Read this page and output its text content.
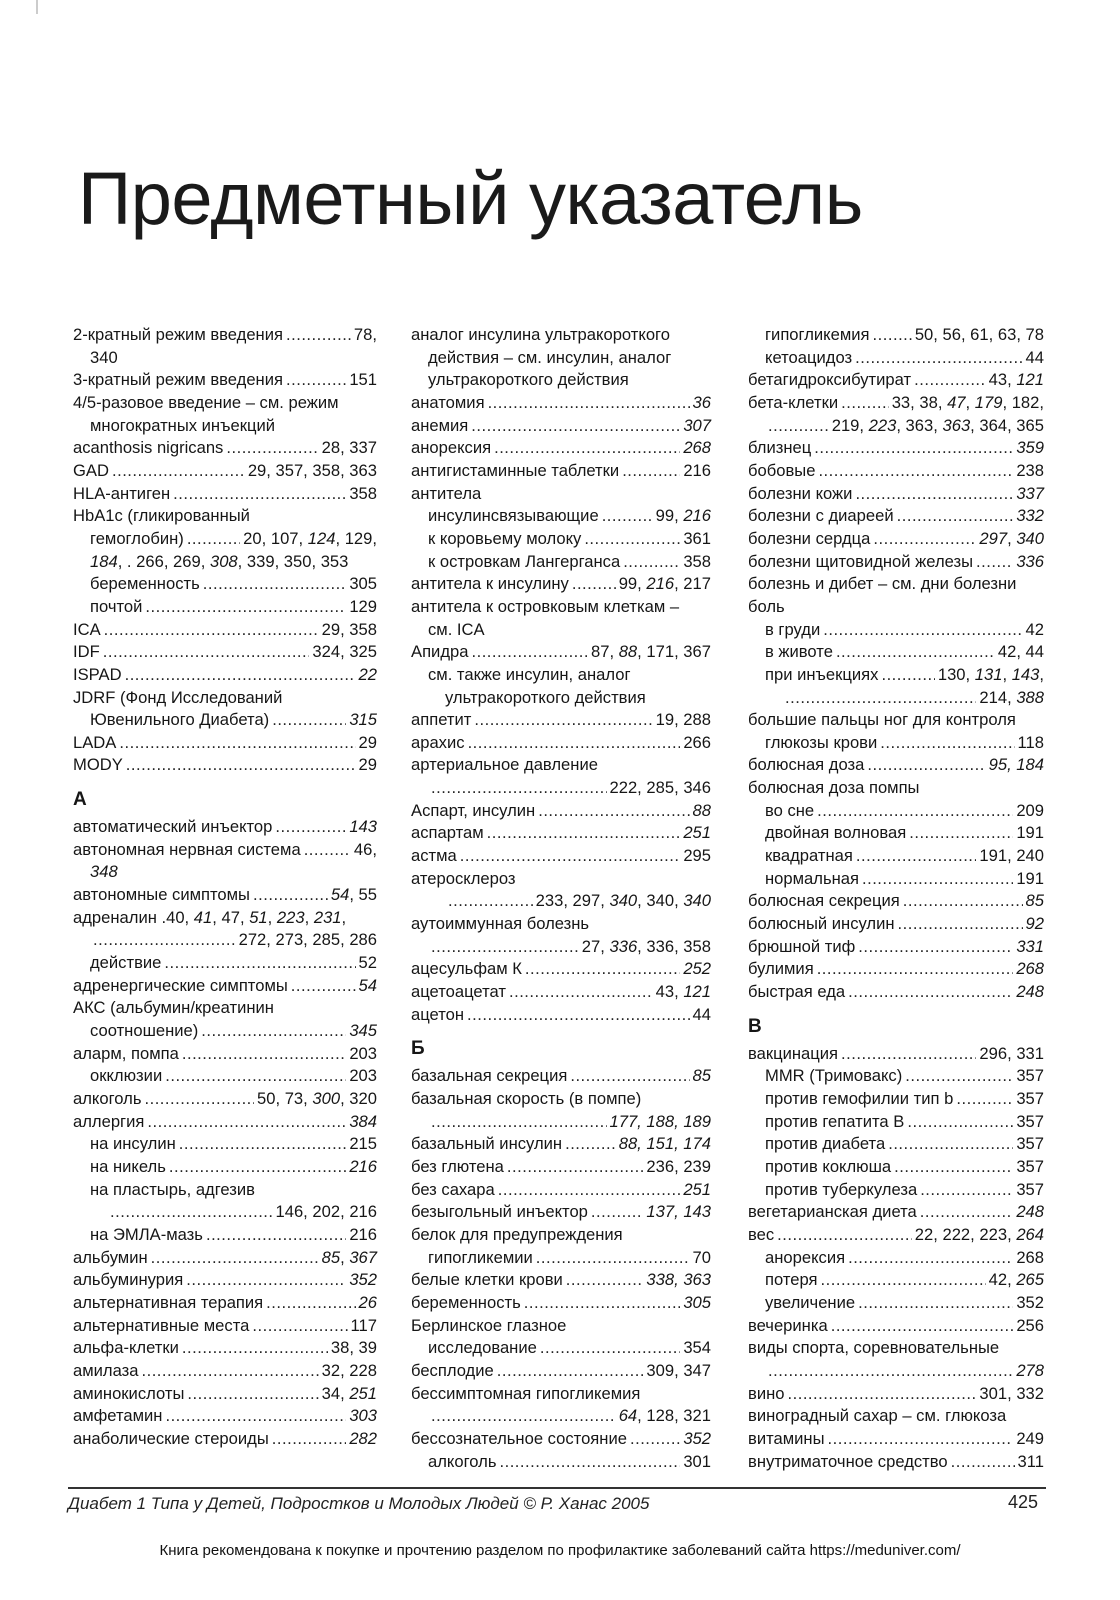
Предметный указатель
2-кратный режим введения .....	78,
340
3-кратный режим введения .....	151
4/5-разовое введение – см. режим
многократных инъекций
acanthosis nigricans .....	28, 337
GAD .....	29, 357, 358, 363
HLA-антиген .....	358
HbA1c (гликированный
гемоглобин) .....	20, 107, 124, 129,
184, . 266, 269, 308, 339, 350, 353
беременность .....	305
почтой .....	129
ICA .....	29, 358
IDF .....	324, 325
ISPAD .....	22
JDRF (Фонд Исследований
Ювенильного Диабета) .....	315
LADA .....	29
MODY .....	29
А
автоматический инъектор .....	143
автономная нервная система .....	46,
348
автономные симптомы .....	54, 55
адреналин .40, 41, 47, 51, 223, 231,
.....
272, 273, 285, 286
действие .....	52
адренергические симптомы .....	54
АКС (альбумин/креатинин
соотношение) .....	345
аларм, помпа .....	203
окклюзии .....	203
алкоголь .....	50, 73, 300, 320
аллергия .....	384
на инсулин .....	215
на никель .....	216
на пластырь, адгезив
.....
146, 202, 216
на ЭМЛА-мазь .....	216
альбумин .....	85, 367
альбуминурия .....	352
альтернативная терапия .....	26
альтернативные места .....	117
альфа-клетки .....	38, 39
амилаза .....	32, 228
аминокислоты .....	34, 251
амфетамин .....	303
анаболические стероиды .....	282
аналог инсулина ультракороткого
действия – см. инсулин, аналог
ультракороткого действия
анатомия .....	36
анемия .....	307
анорексия .....	268
антигистаминные таблетки .....	216
антитела
инсулинсвязывающие .....	99, 216
к коровьему молоку .....	361
к островкам Лангерганса .....	358
антитела к инсулину .....	99, 216, 217
антитела к островковым клеткам –
см. ICA
Апидра .....	87, 88, 171, 367
см. также инсулин, аналог
ультракороткого действия
аппетит .....	19, 288
арахис .....	266
артериальное давление
.....
222, 285, 346
Аспарт, инсулин .....	88
аспартам .....	251
астма .....	295
атеросклероз
.....
233, 297, 340, 340, 340
аутоиммунная болезнь
.....
27, 336, 336, 358
ацесульфам К .....	252
ацетоацетат .....	43, 121
ацетон .....	44
Б
базальная секреция .....	85
базальная скорость (в помпе)
.....
177, 188, 189
базальный инсулин .....	88, 151, 174
без глютена .....	236, 239
без сахара .....	251
безыгольный инъектор .....	137, 143
белок для предупреждения
гипогликемии .....	70
белые клетки крови .....	338, 363
беременность .....	305
Берлинское глазное
исследование .....	354
бесплодие .....	309, 347
бессимптомная гипогликемия
.....
64, 128, 321
бессознательное состояние .....	352
алкоголь .....	301
гипогликемия .....	50, 56, 61, 63, 78
кетоацидоз .....	44
бетагидроксибутират .....	43, 121
бета-клетки .....	33, 38, 47, 179, 182,
.....
219, 223, 363, 363, 364, 365
близнец .....	359
бобовые .....	238
болезни кожи .....	337
болезни с диареей .....	332
болезни сердца .....	297, 340
болезни щитовидной железы .....	336
болезнь и дибет – см. дни болезни
боль
в груди .....	42
в животе .....	42, 44
при инъекциях .....	130, 131, 143,
.....
214, 388
большие пальцы ног для контроля
глюкозы крови .....	118
болюсная доза .....	95, 184
болюсная доза помпы
во сне .....	209
двойная волновая .....	191
квадратная .....	191, 240
нормальная .....	191
болюсная секреция .....	85
болюсный инсулин .....	92
брюшной тиф .....	331
булимия .....	268
быстрая еда .....	248
В
вакцинация .....	296, 331
MMR (Тримовакс) .....	357
против гемофилии тип b .....	357
против гепатита В .....	357
против диабета .....	357
против коклюша .....	357
против туберкулеза .....	357
вегетарианская диета .....	248
вес .....	22, 222, 223, 264
анорексия .....	268
потеря .....	42, 265
увеличение .....	352
вечеринка .....	256
виды спорта, соревновательные
.....
278
вино .....	301, 332
виноградный сахар – см. глюкоза
витамины .....	249
внутриматочное средство .....	311
Диабет 1 Типа у Детей, Подростков и Молодых Людей © Р. Ханас 2005	425
Книга рекомендована к покупке и прочтению разделом по профилактике заболеваний сайта https://meduniver.com/
